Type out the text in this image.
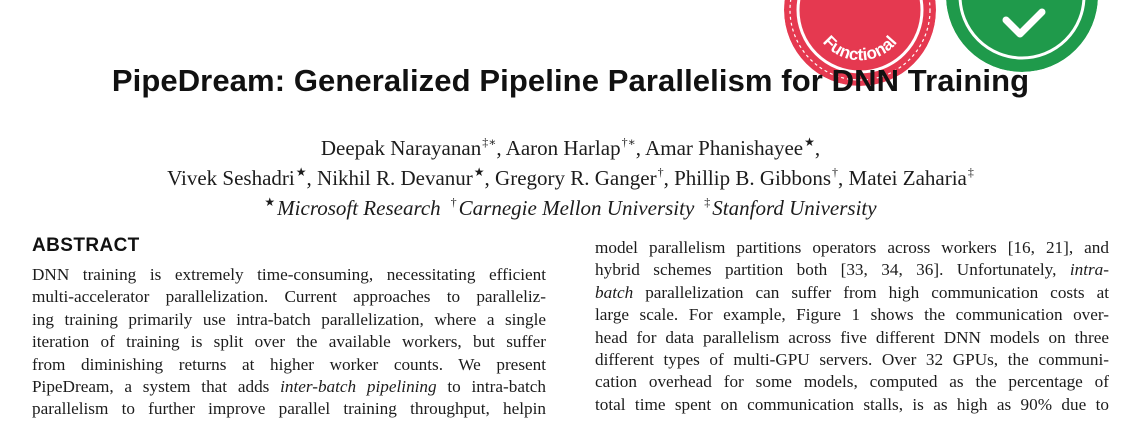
Functional
PipeDream: Generalized Pipeline Parallelism for DNN Training
Deepak Narayanan‡∗, Aaron Harlap†∗, Amar Phanishayee★,
Vivek Seshadri★, Nikhil R. Devanur★, Gregory R. Ganger†, Phillip B. Gibbons†, Matei Zaharia‡
★Microsoft Research †Carnegie Mellon University ‡Stanford University
ABSTRACT
DNN training is extremely time-consuming, necessitating efficient
multi-accelerator parallelization. Current approaches to paralleliz-
ing training primarily use intra-batch parallelization, where a single
iteration of training is split over the available workers, but suffer
from diminishing returns at higher worker counts. We present
PipeDream, a system that adds inter-batch pipelining to intra-batch
parallelism to further improve parallel training throughput, helpin
model parallelism partitions operators across workers [16, 21], and
hybrid schemes partition both [33, 34, 36]. Unfortunately, intra-
batch parallelization can suffer from high communication costs at
large scale. For example, Figure 1 shows the communication over-
head for data parallelism across five different DNN models on three
different types of multi-GPU servers. Over 32 GPUs, the communi-
cation overhead for some models, computed as the percentage of
total time spent on communication stalls, is as high as 90% due to
